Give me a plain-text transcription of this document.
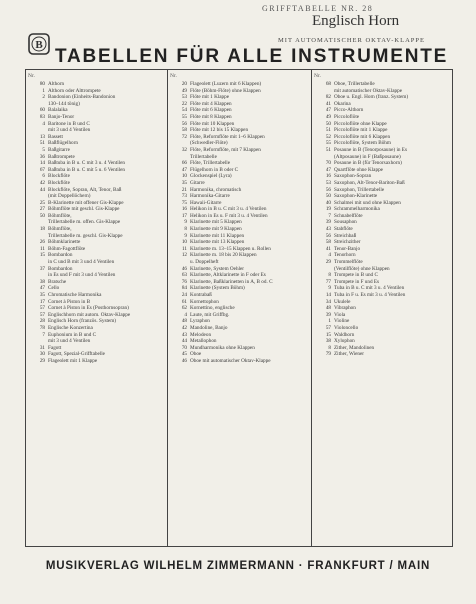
GRIFFTABELLE NR. 28
Englisch Horn
MIT AUTOMATISCHER OKTAV-KLAPPE
B
TABELLEN FÜR ALLE INSTRUMENTE
Nr.
80 Althorn
1 Althorn oder Alttrompete
2 Bandonion (Einheits-Bandonion
130–144 tönig)
60 Balalaika
83 Banjo-Tenor
4 Baritone in B und C
mit 3 und 4 Ventilen
13 Bassett
51 Baßflügelhorn
5 Baßgitarre
36 Baßtrompete
14 Baßtuba in B u. C mit 3 u. 4 Ventilen
67 Baßtuba in B u. C mit 5 u. 6 Ventilen
6 Blockflöte
42 Blockflöte
44 Blockflöte, Sopran, Alt, Tenor, Baß
(mit Doppellöchern)
25 B-Klarinette mit offener Gis-Klappe
27 Böhmflöte mit geschl. Gis-Klappe
50 Böhmflöte,
Trillertabelle m. offen. Gis-Klappe
18 Böhmflöte,
Trillertabelle m. geschl. Gis-Klappe
26 Böhmklarinette
11 Böhm-Fagottflöte
15 Bombardon
in C und B mit 3 und 4 Ventilen
37 Bombardon
in Es und F mit 3 und 4 Ventilen
38 Bratsche
47 Cello
35 Chromatische Harmonika
17 Cornet à Piston in B
57 Cornet à Piston in Es (Posthornsopran)
57 Englischhorn mit autom. Oktav-Klappe
28 Englisch Horn (französ. System)
78 Englische Konzertina
7 Euphonium in B und C
mit 3 und 4 Ventilen
31 Fagott
30 Fagott, Spezial-Grifftabelle
29 Flageolett mit 1 Klappe
Nr.
20 Flageolett (Luzern mit 6 Klappen)
49 Flöte (Böhm-Flöte) ohne Klappen
53 Flöte mit 1 Klappe
22 Flöte mit 4 Klappen
54 Flöte mit 6 Klappen
55 Flöte mit 8 Klappen
56 Flöte mit 10 Klappen
58 Flöte mit 12 bis 15 Klappen
72 Flöte, Reformflöte mit 1–6 Klappen
(Schwedler-Flöte)
32 Flöte, Reformflöte, mit 7 Klappen
Trillertabelle
66 Flöte, Trillertabelle
47 Flügelhorn in B oder C
10 Glockenspiel (Lyra)
35 Gitarre
21 Harmonika, chromatisch
73 Harmonika-Gitarre
75 Hawaii-Gitarre
16 Helikon in B u. C mit 3 u. 4 Ventilen
17 Helikon in Es u. F mit 3 u. 4 Ventilen
9 Klarinette mit 5 Klappen
8 Klarinette mit 9 Klappen
9 Klarinette mit 11 Klappen
10 Klarinette mit 13 Klappen
11 Klarinette m. 13–15 Klappen u. Rollen
12 Klarinette m. 18 bis 20 Klappen
u. Doppelheft
46 Klarinette, System Oehler
63 Klarinette, Altklarinette in F oder Es
76 Klarinette, Baßklarinetten in A, B od. C
84 Klarinette (System Böhm)
24 Kontrabaß
61 Kornettophon
62 Kornettino, englische
4 Laute, mit Griffbg.
48 Lyraphon
42 Mandoline, Banjo
43 Melodeon
44 Metallophon
70 Mundharmonika ohne Klappen
45 Oboe
46 Oboe mit automatischer Oktav-Klappe
Nr.
68 Oboe, Trillertabelle
mit automatischer Oktav-Klappe
82 Oboe u. Engl. Horn (franz. System)
41 Okarina
47 Picco-Althorn
49 Piccoloflöte
50 Piccoloflöte ohne Klappe
51 Piccoloflöte mit 1 Klappe
52 Piccoloflöte mit 6 Klappen
55 Piccoloflöte, System Böhm
51 Posaune in B (Tenorposaune) in Es
(Altposaune) in F (Baßposaune)
70 Posaune in B (für Tenorsaxhorn)
47 Quartflöte ohne Klappe
16 Saxophon-Sopran
53 Saxophon, Alt-Tenor-Bariton-Baß
56 Saxophon, Trillertabelle
50 Saxophon-Klarinette
40 Schalmei mit und ohne Klappen
19 Schrammelharmonika
7 Schnabelflöte
39 Sousaphon
43 Stabflöte
56 Streichbaß
58 Streichzither
41 Tenor-Banjo
4 Tenorhorn
29 Trommelflöte
(Ventilflöte) ohne Klappen
8 Trompete in B und C
77 Trompete in F und Es
9 Tuba in B u. C mit 3 u. 4 Ventilen
14 Tuba in F u. Es mit 3 u. 4 Ventilen
34 Ukulele
48 Vibraphon
39 Viola
1 Violine
57 Violoncello
15 Waldhorn
38 Xylophon
8 Zither, Mandolinen
79 Zither, Wiener
MUSIKVERLAG WILHELM ZIMMERMANN · FRANKFURT / MAIN
